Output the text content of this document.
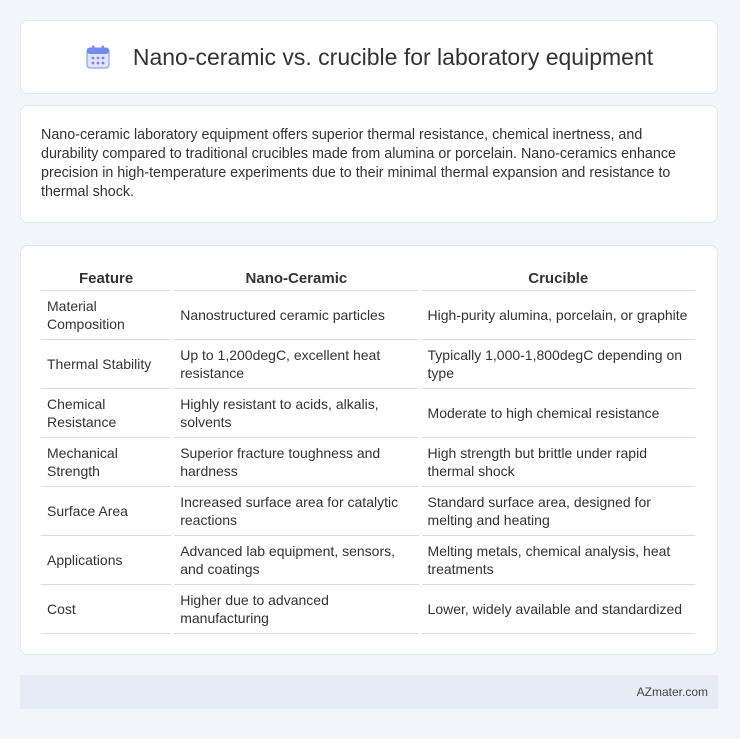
Nano-ceramic vs. crucible for laboratory equipment

Nano-ceramic laboratory equipment offers superior thermal resistance, chemical inertness, and durability compared to traditional crucibles made from alumina or porcelain. Nano-ceramics enhance precision in high-temperature experiments due to their minimal thermal expansion and resistance to thermal shock.

Feature	Nano-Ceramic	Crucible
Material Composition	Nanostructured ceramic particles	High-purity alumina, porcelain, or graphite
Thermal Stability	Up to 1,200degC, excellent heat resistance	Typically 1,000-1,800degC depending on type
Chemical Resistance	Highly resistant to acids, alkalis, solvents	Moderate to high chemical resistance
Mechanical Strength	Superior fracture toughness and hardness	High strength but brittle under rapid thermal shock
Surface Area	Increased surface area for catalytic reactions	Standard surface area, designed for melting and heating
Applications	Advanced lab equipment, sensors, and coatings	Melting metals, chemical analysis, heat treatments
Cost	Higher due to advanced manufacturing	Lower, widely available and standardized
AZmater.com
